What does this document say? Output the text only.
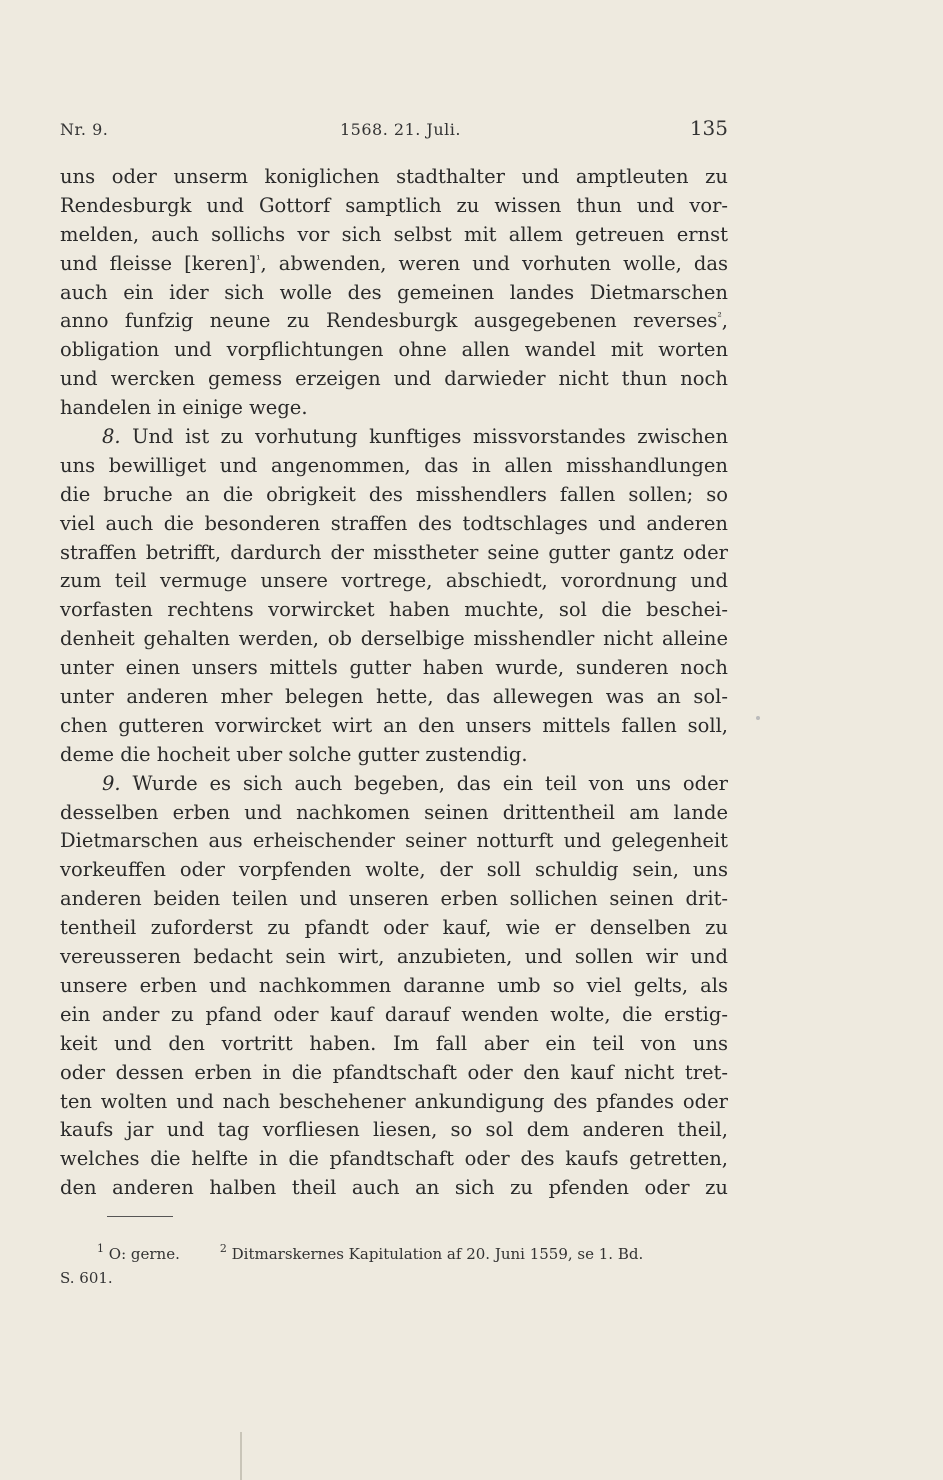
Nr. 9.	1568. 21. Juli.	135
uns oder unserm koniglichen stadthalter und amptleuten zu
Rendesburgk und Gottorf samptlich zu wissen thun und vor-
melden, auch sollichs vor sich selbst mit allem getreuen ernst
und fleisse [keren]$^{^1}$, abwenden, weren und vorhuten wolle, das
auch ein ider sich wolle des gemeinen landes Dietmarschen
anno funfzig neune zu Rendesburgk ausgegebenen reverses$^{^2}$,
obligation und vorpflichtungen ohne allen wandel mit worten
und wercken gemess erzeigen und darwieder nicht thun noch
handelen in einige wege.
8. Und ist zu vorhutung kunftiges missvorstandes zwischen
uns bewilliget und angenommen, das in allen misshandlungen
die bruche an die obrigkeit des misshendlers fallen sollen; so
viel auch die besonderen straffen des todtschlages und anderen
straffen betrifft, dardurch der misstheter seine gutter gantz oder
zum teil vermuge unsere vortrege, abschiedt, vorordnung und
vorfasten rechtens vorwircket haben muchte, sol die beschei-
denheit gehalten werden, ob derselbige misshendler nicht alleine
unter einen unsers mittels gutter haben wurde, sunderen noch
unter anderen mher belegen hette, das allewegen was an sol-
chen gutteren vorwircket wirt an den unsers mittels fallen soll,
deme die hocheit uber solche gutter zustendig.
9. Wurde es sich auch begeben, das ein teil von uns oder
desselben erben und nachkomen seinen drittentheil am lande
Dietmarschen aus erheischender seiner notturft und gelegenheit
vorkeuffen oder vorpfenden wolte, der soll schuldig sein, uns
anderen beiden teilen und unseren erben sollichen seinen drit-
tentheil zuforderst zu pfandt oder kauf, wie er denselben zu
vereusseren bedacht sein wirt, anzubieten, und sollen wir und
unsere erben und nachkommen daranne umb so viel gelts, als
ein ander zu pfand oder kauf darauf wenden wolte, die erstig-
keit und den vortritt haben. Im fall aber ein teil von uns
oder dessen erben in die pfandtschaft oder den kauf nicht tret-
ten wolten und nach beschehener ankundigung des pfandes oder
kaufs jar und tag vorfliesen liesen, so sol dem anderen theil,
welches die helfte in die pfandtschaft oder des kaufs getretten,
den anderen halben theil auch an sich zu pfenden oder zu
$^1$ O: gerne.	$^2$ Ditmarskernes Kapitulation af 20. Juni 1559, se 1. Bd.
S. 601.
